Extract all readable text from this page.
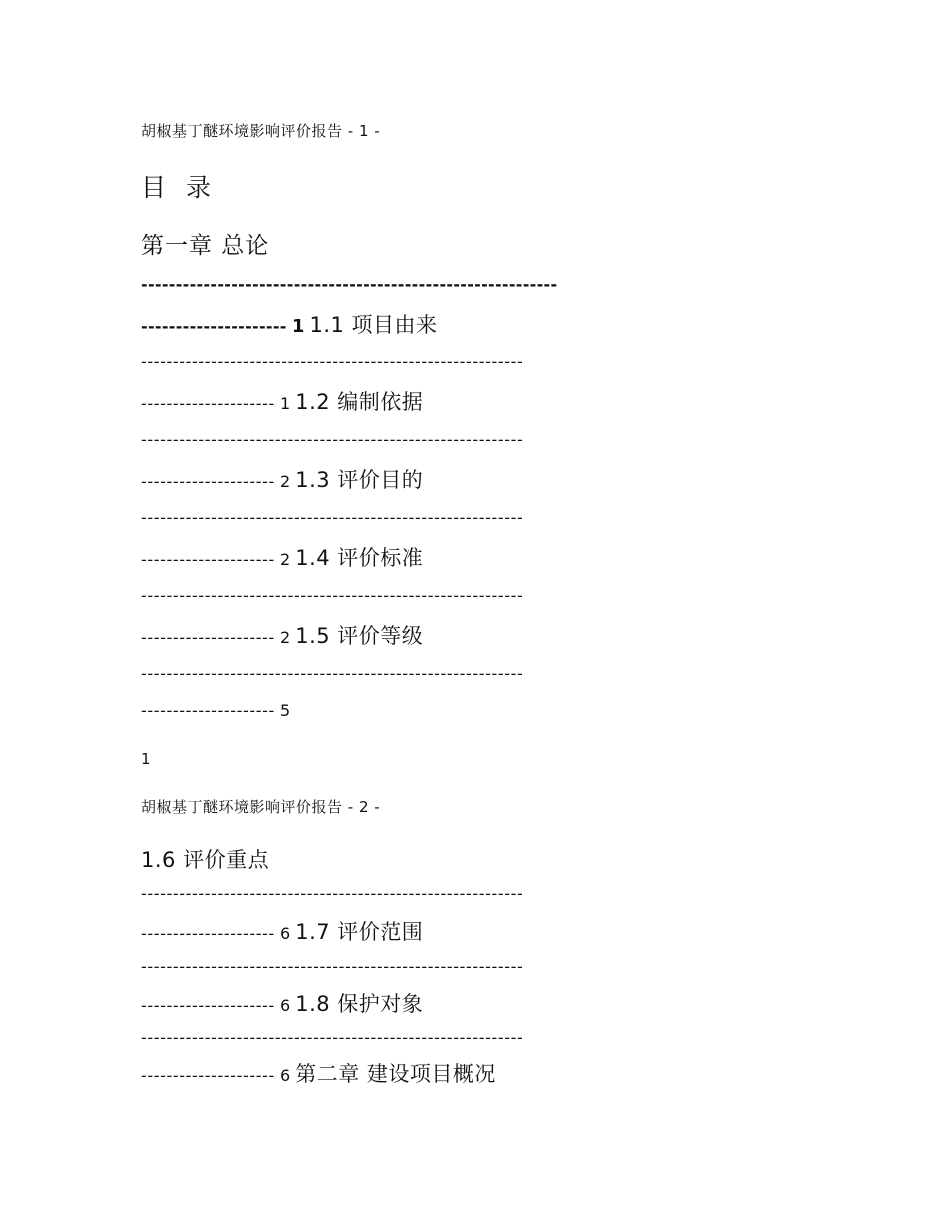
胡椒基丁醚环境影响评价报告 - 1 -
目 录
第一章 总论
------------------------------------------------------------
--------------------- 1 1.1 项目由来
------------------------------------------------------------
--------------------- 1 1.2 编制依据
------------------------------------------------------------
--------------------- 2 1.3 评价目的
------------------------------------------------------------
--------------------- 2 1.4 评价标准
------------------------------------------------------------
--------------------- 2 1.5 评价等级
------------------------------------------------------------
--------------------- 5
1
胡椒基丁醚环境影响评价报告 - 2 -
1.6 评价重点
------------------------------------------------------------
--------------------- 6 1.7 评价范围
------------------------------------------------------------
--------------------- 6 1.8 保护对象
------------------------------------------------------------
--------------------- 6 第二章 建设项目概况
